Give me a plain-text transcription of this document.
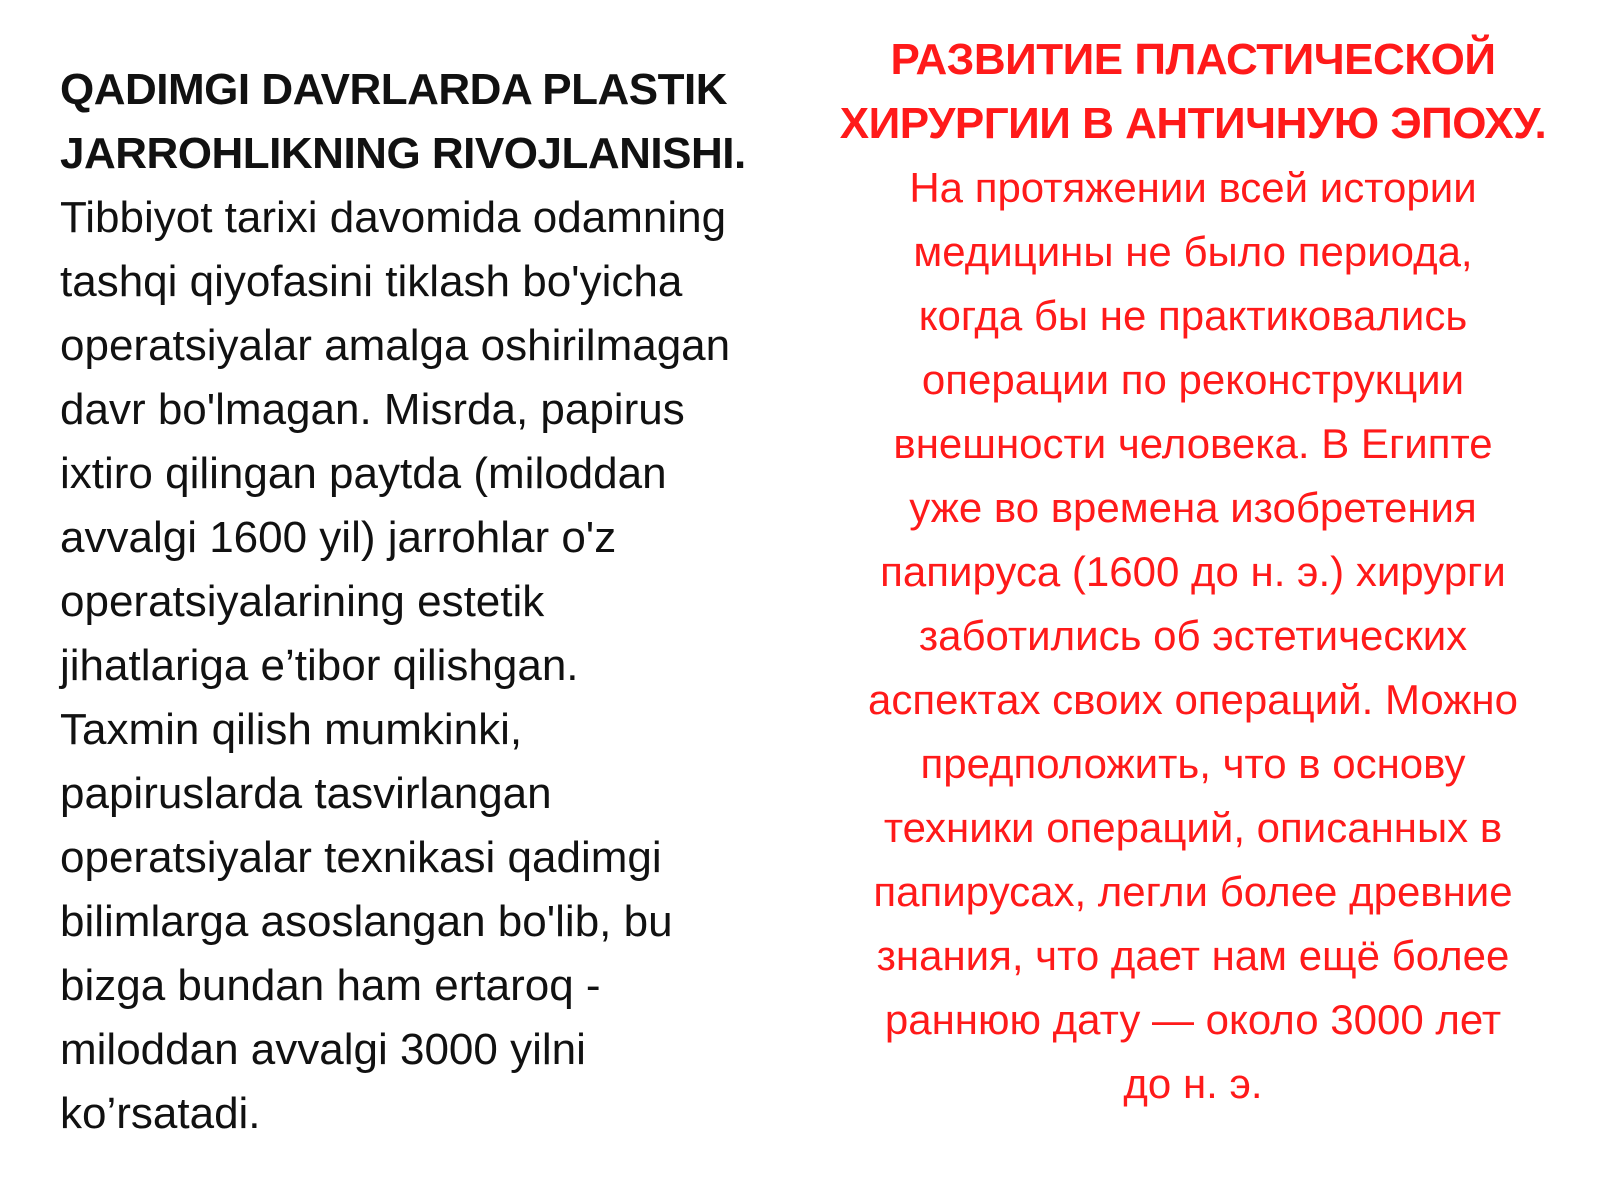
QADIMGI DAVRLARDA PLASTIK
JARROHLIKNING RIVOJLANISHI.
Tibbiyot tarixi davomida odamning
tashqi qiyofasini tiklash bo'yicha
operatsiyalar amalga oshirilmagan
davr bo'lmagan. Misrda, papirus
ixtiro qilingan paytda (miloddan
avvalgi 1600 yil) jarrohlar o'z
operatsiyalarining estetik
jihatlariga e’tibor qilishgan.
Taxmin qilish mumkinki,
papiruslarda tasvirlangan
operatsiyalar texnikasi qadimgi
bilimlarga asoslangan bo'lib, bu
bizga bundan ham ertaroq -
miloddan avvalgi 3000 yilni
ko’rsatadi.
РАЗВИТИЕ ПЛАСТИЧЕСКОЙ
ХИРУРГИИ В АНТИЧНУЮ ЭПОХУ.
На протяжении всей истории
медицины не было периода,
когда бы не практиковались
операции по реконструкции
внешности человека. В Египте
уже во времена изобретения
папируса (1600 до н. э.) хирурги
заботились об эстетических
аспектах своих операций. Можно
предположить, что в основу
техники операций, описанных в
папирусах, легли более древние
знания, что дает нам ещё более
раннюю дату — около 3000 лет
до н. э.
